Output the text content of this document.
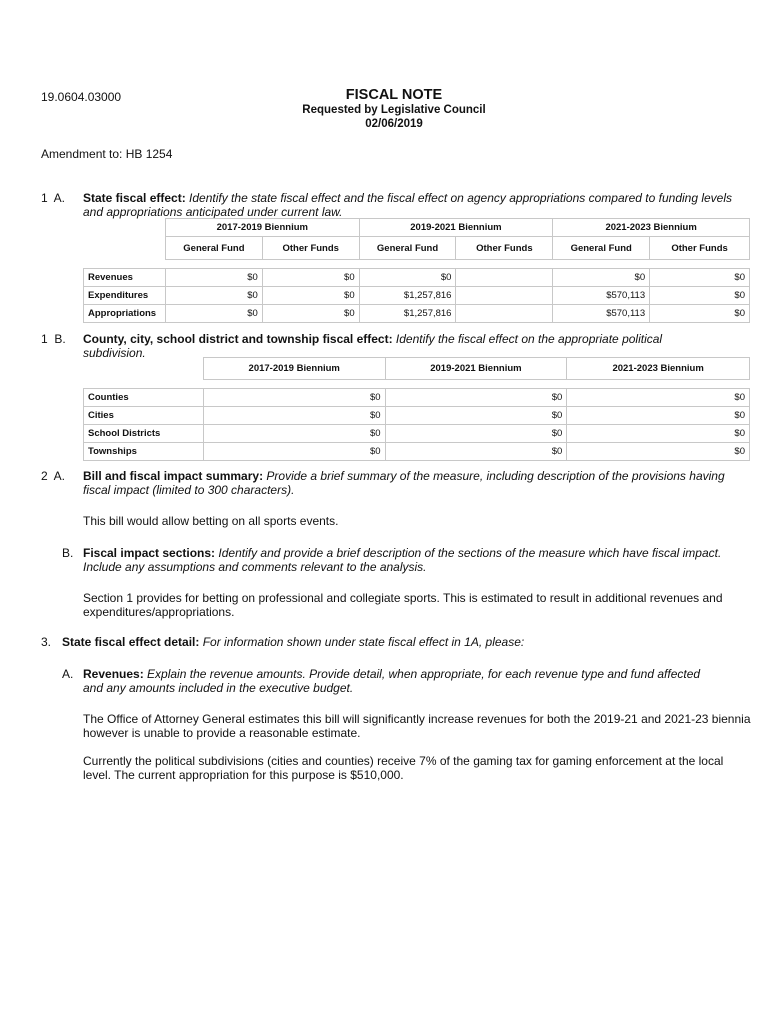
19.0604.03000	FISCAL NOTE
Requested by Legislative Council
02/06/2019
Amendment to: HB 1254
1  A. State fiscal effect: Identify the state fiscal effect and the fiscal effect on agency appropriations compared to funding levels and appropriations anticipated under current law.
	2017-2019 Biennium		2019-2021 Biennium		2021-2023 Biennium	
	General Fund	Other Funds	General Fund	Other Funds	General Fund	Other Funds

Revenues	$0	$0	$0		$0	$0
Expenditures	$0	$0	$1,257,816		$570,113	$0
Appropriations	$0	$0	$1,257,816		$570,113	$0
1  B. County, city, school district and township fiscal effect: Identify the fiscal effect on the appropriate political subdivision.
	2017-2019 Biennium	2019-2021 Biennium	2021-2023 Biennium

Counties	$0	$0	$0
Cities	$0	$0	$0
School Districts	$0	$0	$0
Townships	$0	$0	$0
2  A. Bill and fiscal impact summary: Provide a brief summary of the measure, including description of the provisions having fiscal impact (limited to 300 characters).
This bill would allow betting on all sports events.
B. Fiscal impact sections: Identify and provide a brief description of the sections of the measure which have fiscal impact. Include any assumptions and comments relevant to the analysis.
Section 1 provides for betting on professional and collegiate sports. This is estimated to result in additional revenues and expenditures/appropriations.
3. State fiscal effect detail: For information shown under state fiscal effect in 1A, please:
A. Revenues: Explain the revenue amounts. Provide detail, when appropriate, for each revenue type and fund affected and any amounts included in the executive budget.
The Office of Attorney General estimates this bill will significantly increase revenues for both the 2019-21 and 2021-23 biennia however is unable to provide a reasonable estimate.
Currently the political subdivisions (cities and counties) receive 7% of the gaming tax for gaming enforcement at the local level. The current appropriation for this purpose is $510,000.
